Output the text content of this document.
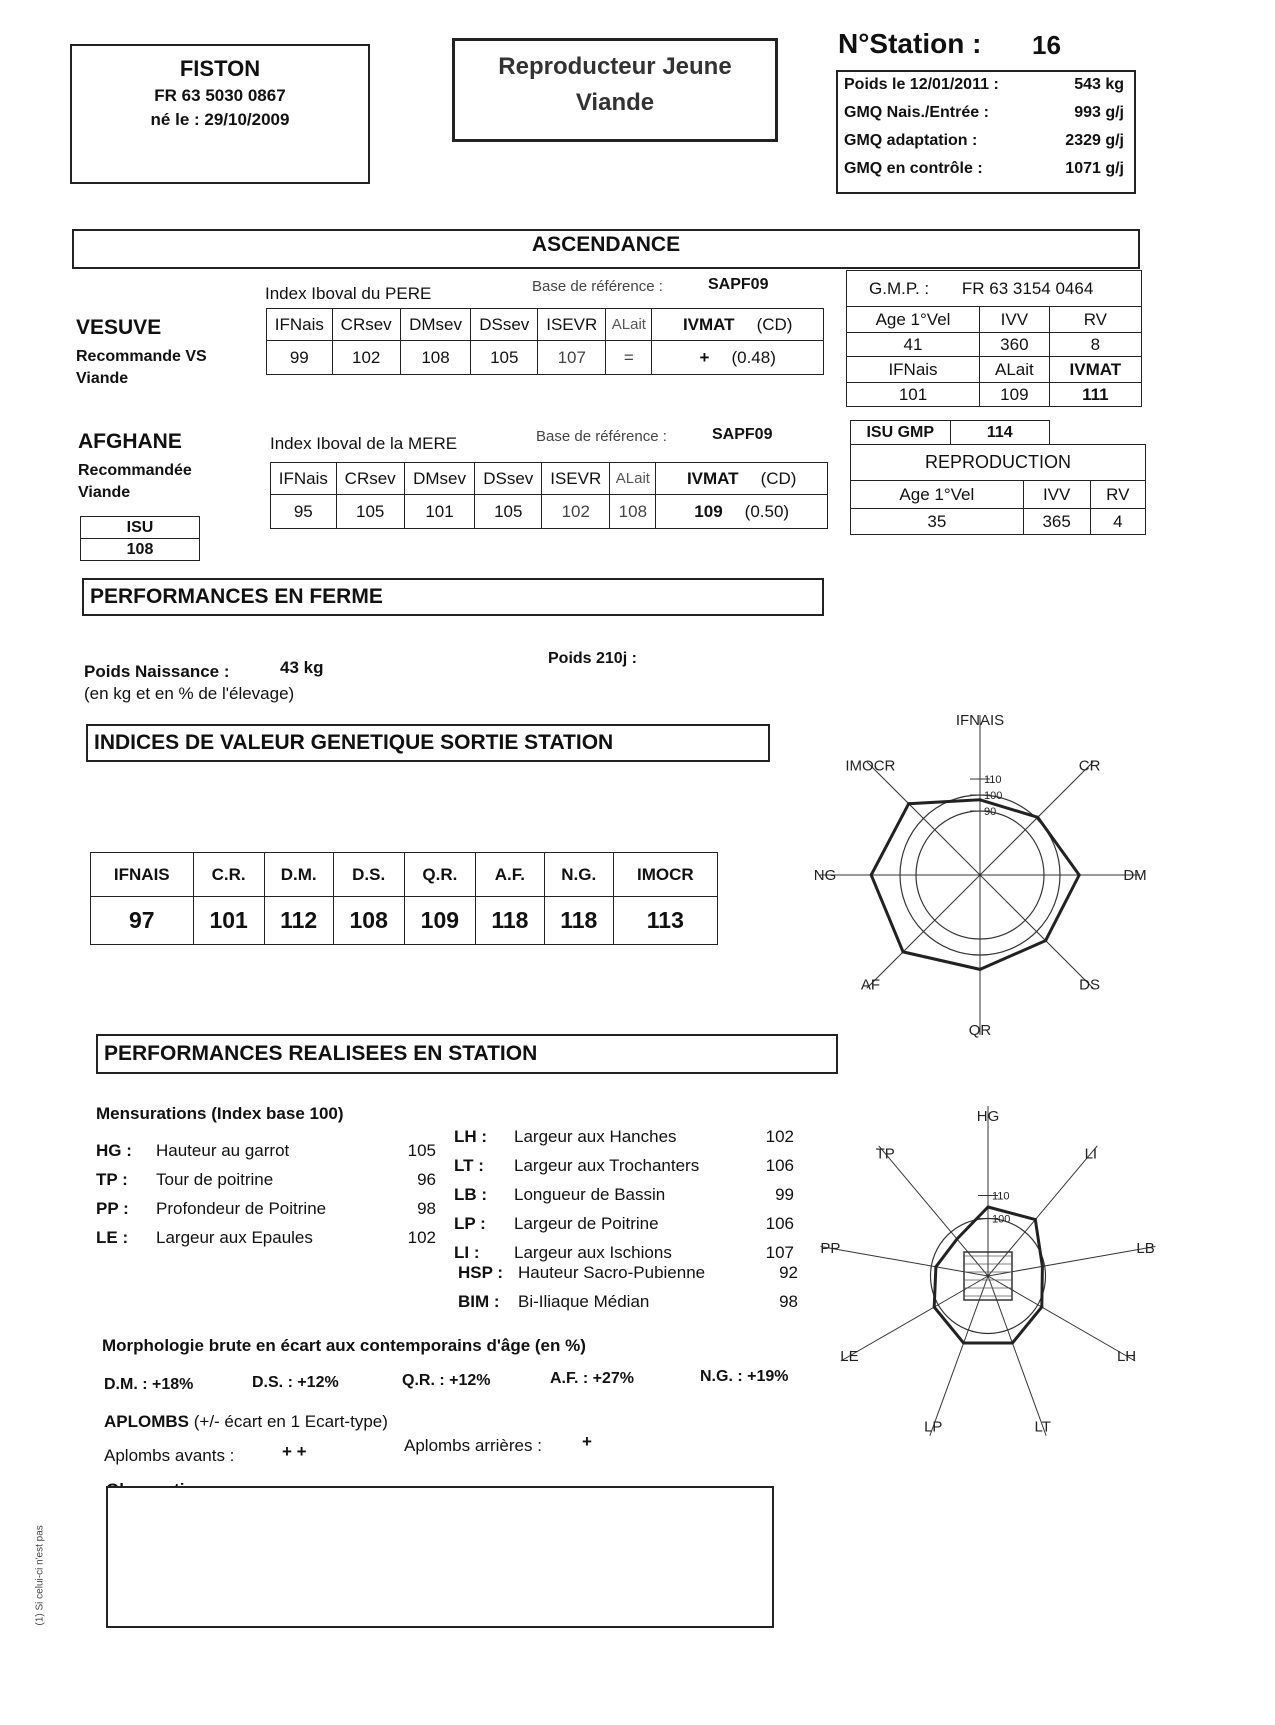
FISTON
FR 63 5030 0867
né le : 29/10/2009
Reproducteur Jeune
Viande
N°Station : 16
Poids le 12/01/2011 :	543 kg
GMQ Nais./Entrée :	993 g/j
GMQ adaptation :	2329 g/j
GMQ en contrôle :	1071 g/j
ASCENDANCE
VESUVE
Recommande VS
Viande
Index Iboval du PERE	Base de référence :	SAPF09
IFNais	CRsev	DMsev	DSsev	ISEVR	ALait	IVMAT (CD)
99	102	108	105	107	=	+ (0.48)
AFGHANE
Recommandée
Viande
Index Iboval de la MERE	Base de référence :	SAPF09
IFNais	CRsev	DMsev	DSsev	ISEVR	ALait	IVMAT (CD)
95	105	101	105	102	108	109 (0.50)
ISU
108
G.M.P. : FR 63 3154 0464		
Age 1°Vel	IVV	RV
41	360	8
IFNais	ALait	IVMAT
101	109	111
ISU GMP	114
REPRODUCTION		
Age 1°Vel	IVV	RV
35	365	4
PERFORMANCES EN FERME
Poids Naissance :	43 kg
(en kg et en % de l'élevage)
Poids 210j :
INDICES DE VALEUR GENETIQUE SORTIE STATION
IFNAIS	C.R.	D.M.	D.S.	Q.R.	A.F.	N.G.	IMOCR
97	101	112	108	109	118	118	113
IFNAIS
CR
DM
DS
QR
AF
NG
IMOCR
110
100
90
PERFORMANCES REALISEES EN STATION
Mensurations (Index base 100)
HG :	Hauteur au garrot	105
TP :	Tour de poitrine	96
PP :	Profondeur de Poitrine	98
LE :	Largeur aux Epaules	102
LH :	Largeur aux Hanches	102
LT :	Largeur aux Trochanters	106
LB :	Longueur de Bassin	99
LP :	Largeur de Poitrine	106
LI :	Largeur aux Ischions	107
HSP :	Hauteur Sacro-Pubienne	92
BIM :	Bi-Iliaque Médian	98
Morphologie brute en écart aux contemporains d'âge (en %)
D.M. : +18%	D.S. : +12%	Q.R. : +12%	A.F. : +27%	N.G. : +19%
APLOMBS (+/- écart en 1 Ecart-type)
Aplombs avants :	+ +	Aplombs arrières : +
HG
LI
LB
LH
LT
LP
LE
PP
TP
110
100
(1) Si celui-ci n'est pas
